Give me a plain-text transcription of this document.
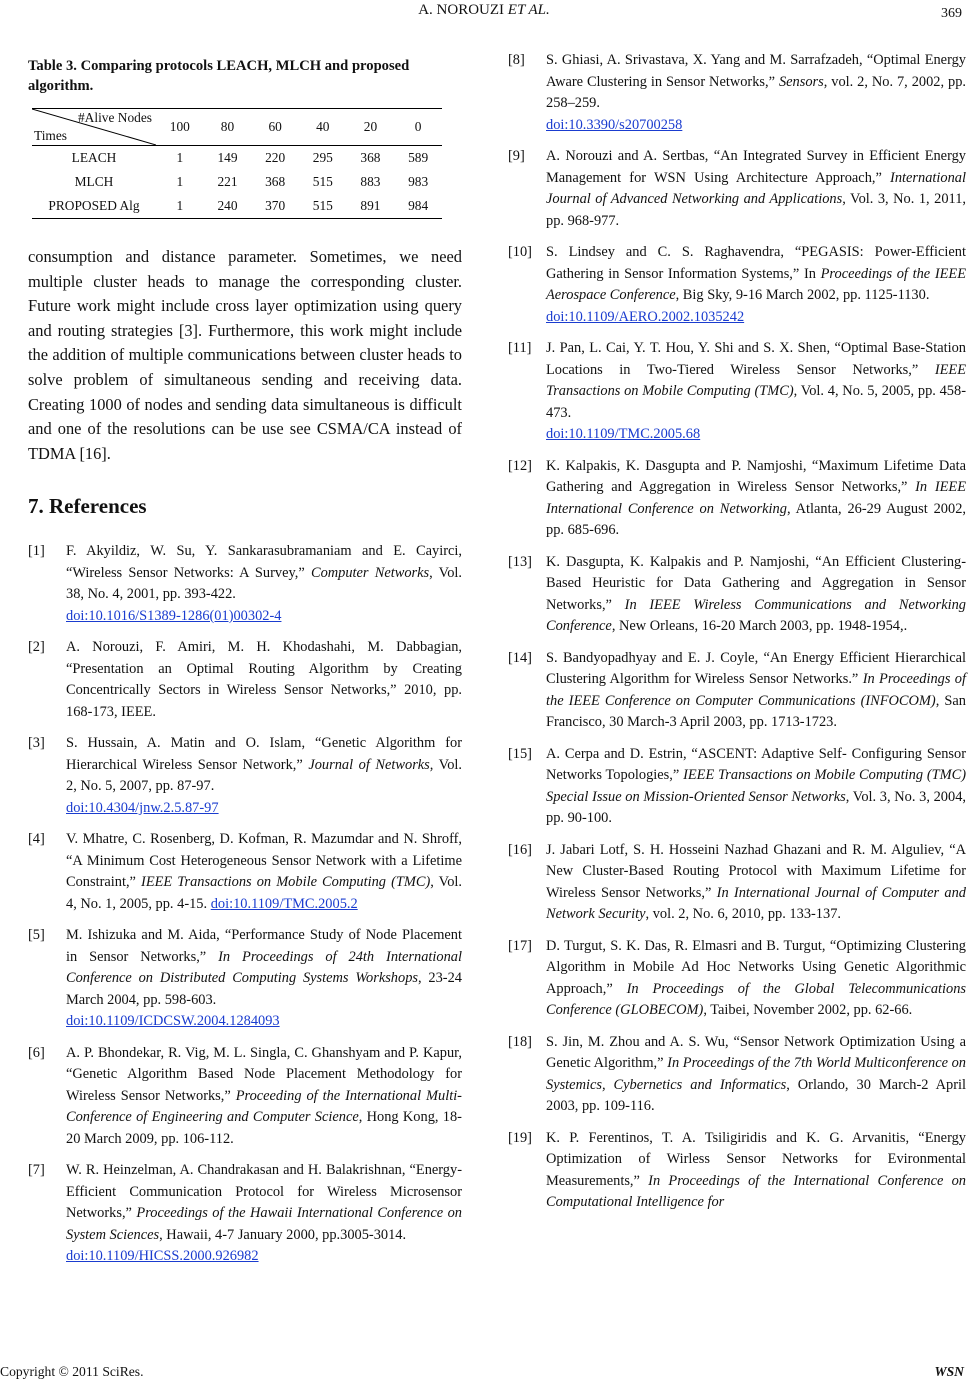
A. NOROUZI ET AL.	369

Table 3. Comparing protocols LEACH, MLCH and proposed algorithm.

#Alive Nodes
Times	100	80	60	40	20	0
LEACH	1	149	220	295	368	589
MLCH	1	221	368	515	883	983
PROPOSED Alg	1	240	370	515	891	984

consumption and distance parameter. Sometimes, we need multiple cluster heads to manage the corresponding cluster. Future work might include cross layer optimization using query and routing strategies [3]. Furthermore, this work might include the addition of multiple communications between cluster heads to solve problem of simultaneous sending and receiving data. Creating 1000 of nodes and sending data simultaneous is difficult and one of the resolutions can be use see CSMA/CA instead of TDMA [16].

7. References
[1]	F. Akyildiz, W. Su, Y. Sankarasubramaniam and E. Cayirci, “Wireless Sensor Networks: A Survey,” Computer Networks, Vol. 38, No. 4, 2001, pp. 393-422.
doi:10.1016/S1389-1286(01)00302-4
[2]	A. Norouzi, F. Amiri, M. H. Khodashahi, M. Dabbagian, “Presentation an Optimal Routing Algorithm by Creating Concentrically Sectors in Wireless Sensor Networks,” 2010, pp. 168-173, IEEE.
[3]	S. Hussain, A. Matin and O. Islam, “Genetic Algorithm for Hierarchical Wireless Sensor Network,” Journal of Networks, Vol. 2, No. 5, 2007, pp. 87-97.
doi:10.4304/jnw.2.5.87-97
[4]	V. Mhatre, C. Rosenberg, D. Kofman, R. Mazumdar and N. Shroff, “A Minimum Cost Heterogeneous Sensor Network with a Lifetime Constraint,” IEEE Transactions on Mobile Computing (TMC), Vol. 4, No. 1, 2005, pp. 4-15. doi:10.1109/TMC.2005.2
[5]	M. Ishizuka and M. Aida, “Performance Study of Node Placement in Sensor Networks,” In Proceedings of 24th International Conference on Distributed Computing Systems Workshops, 23-24 March 2004, pp. 598-603.
doi:10.1109/ICDCSW.2004.1284093
[6]	A. P. Bhondekar, R. Vig, M. L. Singla, C. Ghanshyam and P. Kapur, “Genetic Algorithm Based Node Placement Methodology for Wireless Sensor Networks,” Proceeding of the International Multi-Conference of Engineering and Computer Science, Hong Kong, 18-20 March 2009, pp. 106-112.
[7]	W. R. Heinzelman, A. Chandrakasan and H. Balakrishnan, “Energy-Efficient Communication Protocol for Wireless Microsensor Networks,” Proceedings of the Hawaii International Conference on System Sciences, Hawaii, 4-7 January 2000, pp.3005-3014.
doi:10.1109/HICSS.2000.926982
[8]	S. Ghiasi, A. Srivastava, X. Yang and M. Sarrafzadeh, “Optimal Energy Aware Clustering in Sensor Networks,” Sensors, vol. 2, No. 7, 2002, pp. 258–259.
doi:10.3390/s20700258
[9]	A. Norouzi and A. Sertbas, “An Integrated Survey in Efficient Energy Management for WSN Using Architecture Approach,” International Journal of Advanced Networking and Applications, Vol. 3, No. 1, 2011, pp. 968-977.
[10] S. Lindsey and C. S. Raghavendra, “PEGASIS: Power-Efficient Gathering in Sensor Information Systems,” In Proceedings of the IEEE Aerospace Conference, Big Sky, 9-16 March 2002, pp. 1125-1130.
doi:10.1109/AERO.2002.1035242
[11]	J. Pan, L. Cai, Y. T. Hou, Y. Shi and S. X. Shen, “Optimal Base-Station Locations in Two-Tiered Wireless Sensor Networks,” IEEE Transactions on Mobile Computing (TMC), Vol. 4, No. 5, 2005, pp. 458-473.
doi:10.1109/TMC.2005.68
[12] K. Kalpakis, K. Dasgupta and P. Namjoshi, “Maximum Lifetime Data Gathering and Aggregation in Wireless Sensor Networks,” In IEEE International Conference on Networking, Atlanta, 26-29 August 2002, pp. 685-696.
[13] K. Dasgupta, K. Kalpakis and P. Namjoshi, “An Efficient Clustering-Based Heuristic for Data Gathering and Aggregation in Sensor Networks,” In IEEE Wireless Communications and Networking Conference, New Orleans, 16-20 March 2003, pp. 1948-1954,.
[14] S. Bandyopadhyay and E. J. Coyle, “An Energy Efficient Hierarchical Clustering Algorithm for Wireless Sensor Networks.” In Proceedings of the IEEE Conference on Computer Communications (INFOCOM), San Francisco, 30 March-3 April 2003, pp. 1713-1723.
[15] A. Cerpa and D. Estrin, “ASCENT: Adaptive Self- Configuring Sensor Networks Topologies,” IEEE Transactions on Mobile Computing (TMC) Special Issue on Mission-Oriented Sensor Networks, Vol. 3, No. 3, 2004, pp. 90-100.
[16] J. Jabari Lotf, S. H. Hosseini Nazhad Ghazani and R. M. Alguliev, “A New Cluster-Based Routing Protocol with Maximum Lifetime for Wireless Sensor Networks,” In International Journal of Computer and Network Security, vol. 2, No. 6, 2010, pp. 133-137.
[17] D. Turgut, S. K. Das, R. Elmasri and B. Turgut, “Optimizing Clustering Algorithm in Mobile Ad Hoc Networks Using Genetic Algorithmic Approach,” In Proceedings of the Global Telecommunications Conference (GLOBECOM), Taibei, November 2002, pp. 62-66.
[18] S. Jin, M. Zhou and A. S. Wu, “Sensor Network Optimization Using a Genetic Algorithm,” In Proceedings of the 7th World Multiconference on Systemics, Cybernetics and Informatics, Orlando, 30 March-2 April 2003, pp. 109-116.
[19] K. P. Ferentinos, T. A. Tsiligiridis and K. G. Arvanitis, “Energy Optimization of Wirless Sensor Networks for Evironmental Measurements,” In Proceedings of the International Conference on Computational Intelligence for
Copyright © 2011 SciRes.	WSN
